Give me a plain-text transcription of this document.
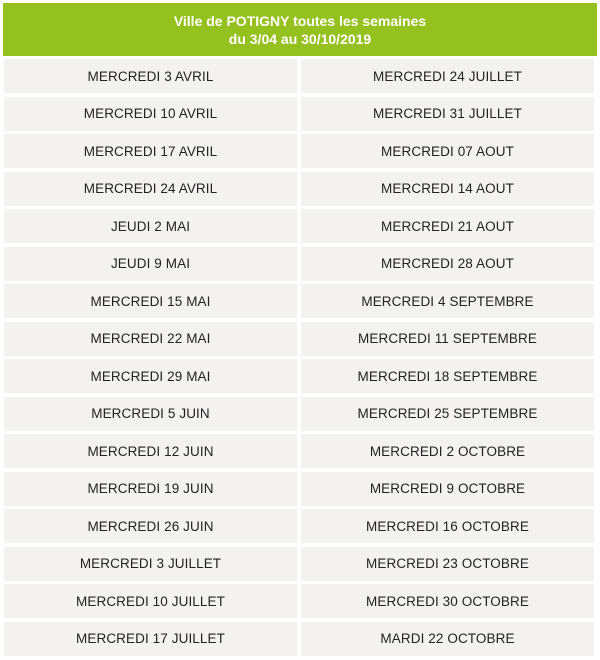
Ville de POTIGNY toutes les semaines
du 3/04 au 30/10/2019
MERCREDI 3 AVRIL	MERCREDI 24 JUILLET
MERCREDI 10 AVRIL	MERCREDI 31 JUILLET
MERCREDI 17 AVRIL	MERCREDI 07 AOUT
MERCREDI 24 AVRIL	MERCREDI 14 AOUT
JEUDI 2 MAI	MERCREDI 21 AOUT
JEUDI 9 MAI	MERCREDI 28 AOUT
MERCREDI 15 MAI	MERCREDI 4 SEPTEMBRE
MERCREDI 22 MAI	MERCREDI 11 SEPTEMBRE
MERCREDI 29 MAI	MERCREDI 18 SEPTEMBRE
MERCREDI 5 JUIN	MERCREDI 25 SEPTEMBRE
MERCREDI 12 JUIN	MERCREDI 2 OCTOBRE
MERCREDI 19 JUIN	MERCREDI 9 OCTOBRE
MERCREDI 26 JUIN	MERCREDI 16 OCTOBRE
MERCREDI 3 JUILLET	MERCREDI 23 OCTOBRE
MERCREDI 10 JUILLET	MERCREDI 30 OCTOBRE
MERCREDI 17 JUILLET	MARDI 22 OCTOBRE
